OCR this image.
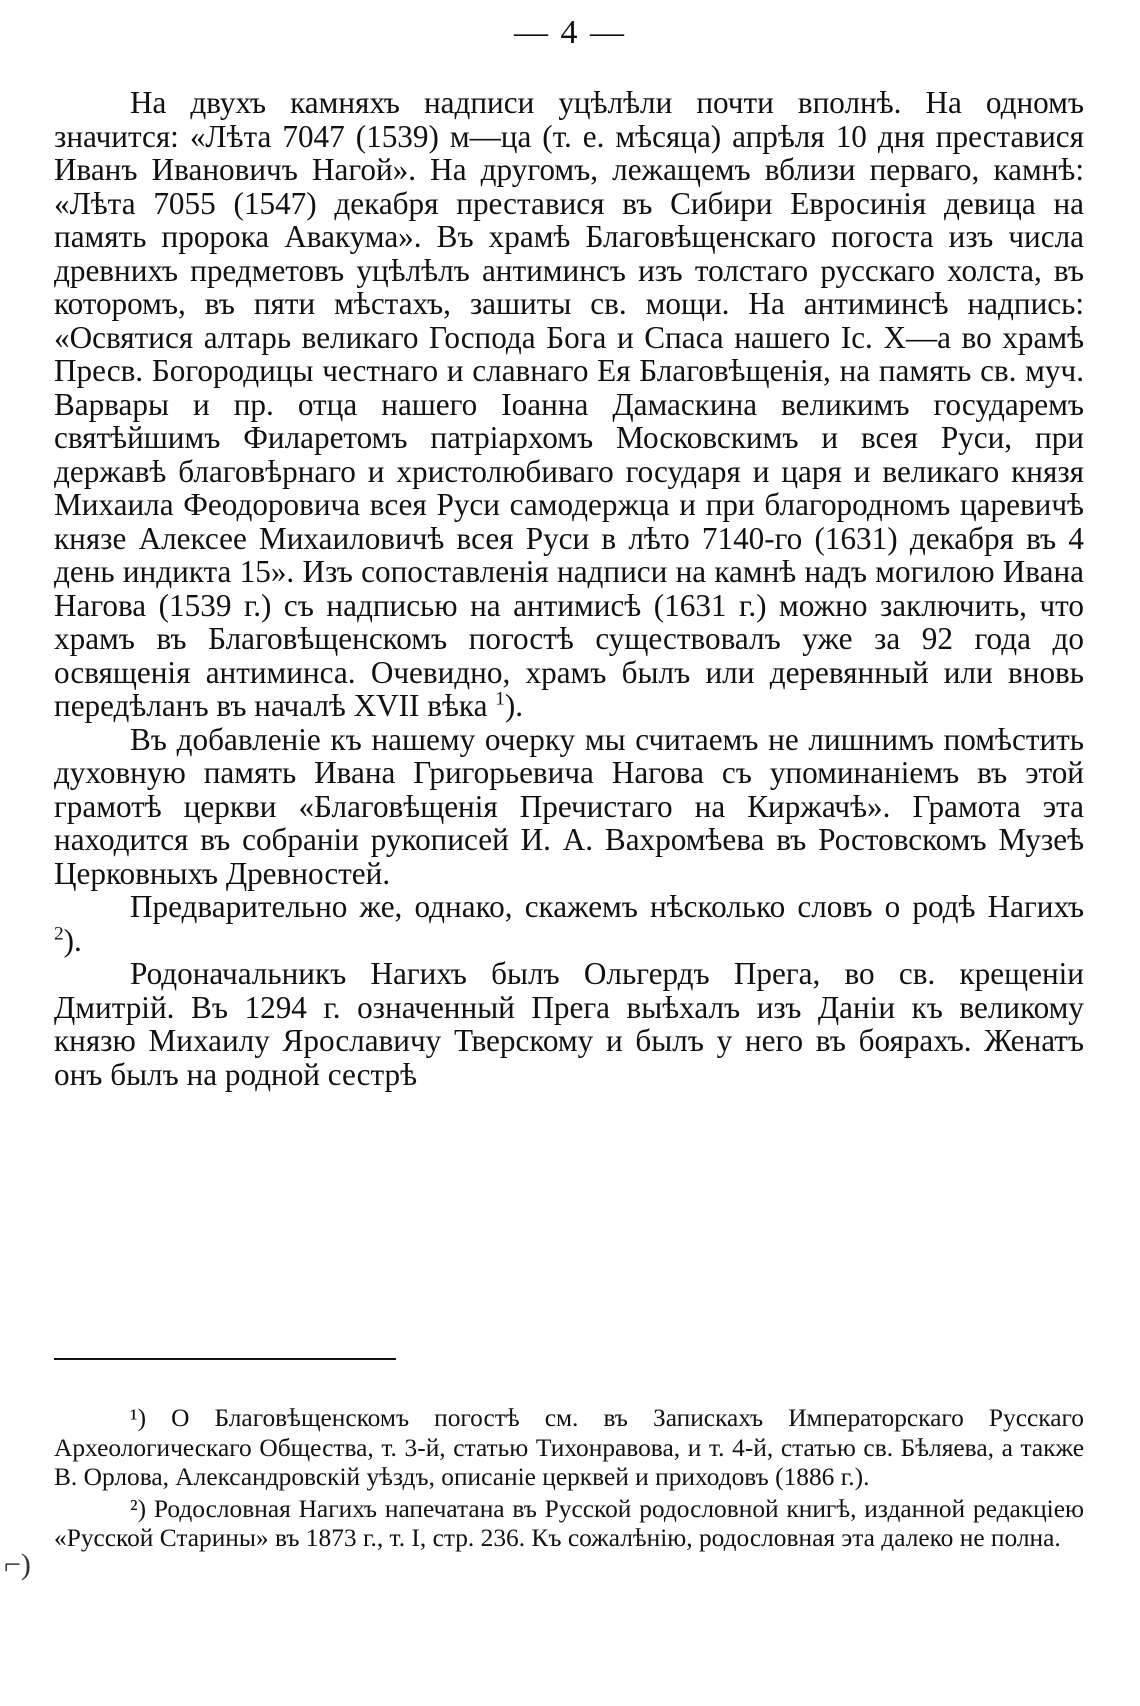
— 4 —

На двухъ камняхъ надписи уцѣлѣли почти вполнѣ. На одномъ значится: «Лѣта 7047 (1539) м—ца (т. е. мѣсяца) апрѣля 10 дня преставися Иванъ Ивановичъ Нагой». На другомъ, лежащемъ вблизи перваго, камнѣ: «Лѣта 7055 (1547) декабря преставися въ Сибири Евросинія девица на память пророка Авакума». Въ храмѣ Благовѣщенскаго погоста изъ числа древнихъ предметовъ уцѣлѣлъ антиминсъ изъ толстаго русскаго холста, въ которомъ, въ пяти мѣстахъ, зашиты св. мощи. На антиминсѣ надпись: «Освятися алтарь великаго Господа Бога и Спаса нашего Іс. Х—а во храмѣ Пресв. Богородицы честнаго и славнаго Ея Благовѣщенія, на память св. муч. Варвары и пр. отца нашего Іоанна Дамаскина великимъ государемъ святѣйшимъ Филаретомъ патріархомъ Московскимъ и всея Руси, при державѣ благовѣрнаго и христолюбиваго государя и царя и великаго князя Михаила Феодоровича всея Руси самодержца и при благородномъ царевичѣ князе Алексее Михаиловичѣ всея Руси в лѣто 7140-го (1631) декабря въ 4 день индикта 15». Изъ сопоставленія надписи на камнѣ надъ могилою Ивана Нагова (1539 г.) съ надписью на антимисѣ (1631 г.) можно заключить, что храмъ въ Благовѣщенскомъ погостѣ существовалъ уже за 92 года до освященія антиминса. Очевидно, храмъ былъ или деревянный или вновь передѣланъ въ началѣ XVII вѣка $^1$).

Въ добавленіе къ нашему очерку мы считаемъ не лишнимъ помѣстить духовную память Ивана Григорьевича Нагова съ упоминаніемъ въ этой грамотѣ церкви «Благовѣщенія Пречистаго на Киржачѣ». Грамота эта находится въ собраніи рукописей И. А. Вахромѣева въ Ростовскомъ Музеѣ Церковныхъ Древностей.

Предварительно же, однако, скажемъ нѣсколько словъ о родѣ Нагихъ $^2$).

Родоначальникъ Нагихъ былъ Ольгердъ Прега, во св. крещеніи Дмитрій. Въ 1294 г. означенный Прега выѣхалъ изъ Даніи къ великому князю Михаилу Ярославичу Тверскому и былъ у него въ боярахъ. Женатъ онъ былъ на родной сестрѣ

¹) О Благовѣщенскомъ погостѣ см. въ Запискахъ Императорскаго Русскаго Археологическаго Общества, т. 3-й, статью Тихонравова, и т. 4-й, статью св. Бѣляева, а также В. Орлова, Александровскій уѣздъ, описаніе церквей и приходовъ (1886 г.).

²) Родословная Нагихъ напечатана въ Русской родословной книгѣ, изданной редакціею «Русской Старины» въ 1873 г., т. I, стр. 236. Къ сожалѣнію, родословная эта далеко не полна.

⌐)
